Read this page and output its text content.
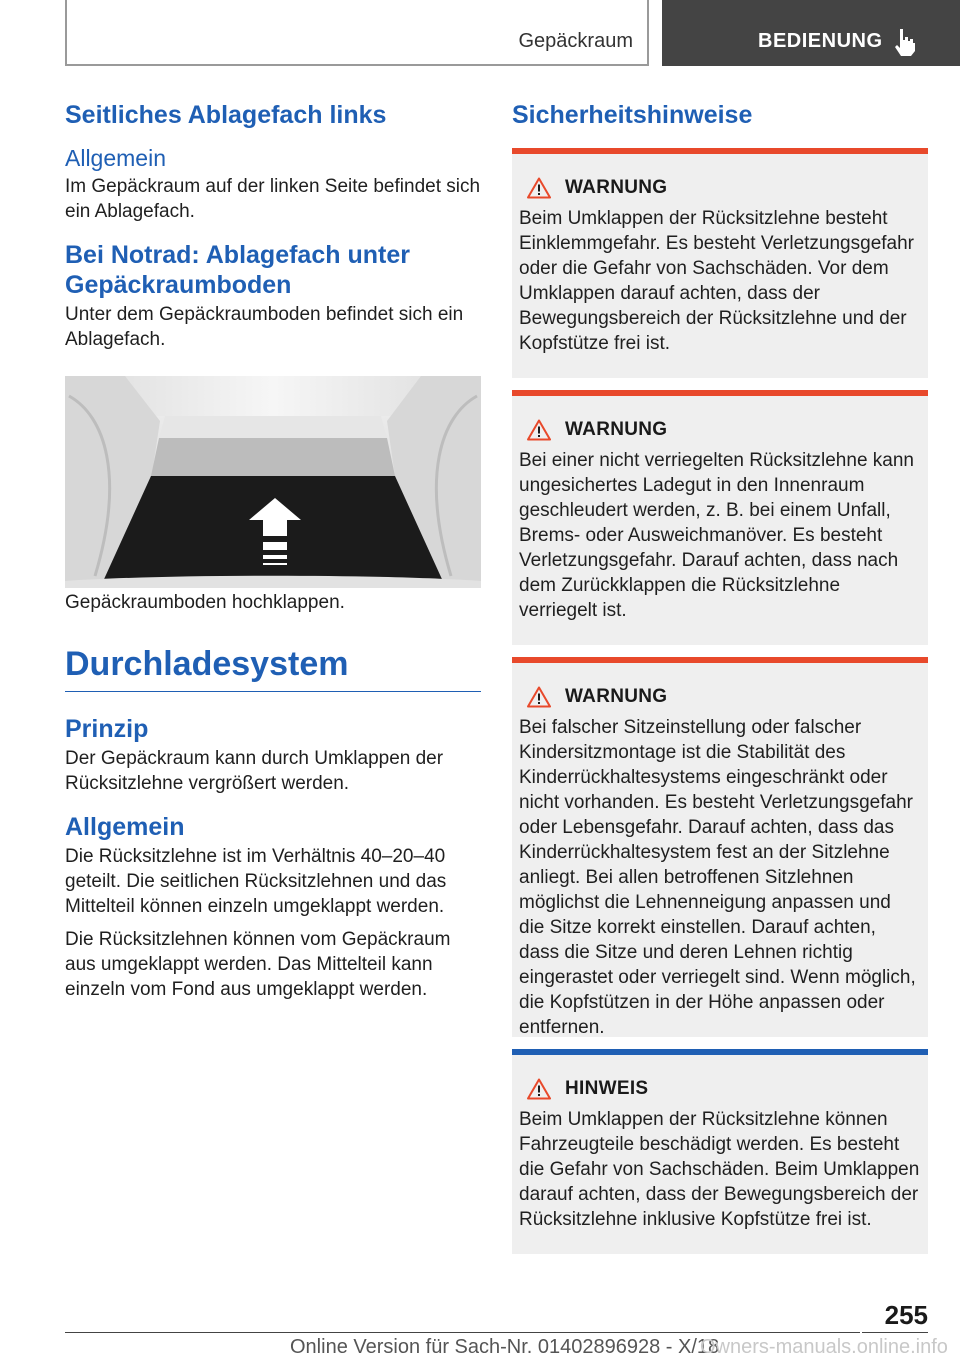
Gepäckraum	BEDIENUNG
Seitliches Ablagefach links
Allgemein

Im Gepäckraum auf der linken Seite befindet sich ein Ablagefach.

Bei Notrad: Ablagefach unter Gepäckraumboden

Unter dem Gepäckraumboden befindet sich ein Ablagefach.

Gepäckraumboden hochklappen.

Durchladesystem
Prinzip

Der Gepäckraum kann durch Umklappen der Rücksitzlehne vergrößert werden.

Allgemein

Die Rücksitzlehne ist im Verhältnis 40–20–40 geteilt. Die seitlichen Rücksitzlehnen und das Mittelteil können einzeln umgeklappt werden.

Die Rücksitzlehnen können vom Gepäckraum aus umgeklappt werden. Das Mittelteil kann einzeln vom Fond aus umgeklappt werden.

Sicherheitshinweise
WARNUNG

Beim Umklappen der Rücksitzlehne besteht Einklemmgefahr. Es besteht Verletzungsgefahr oder die Gefahr von Sachschäden. Vor dem Umklappen darauf achten, dass der Bewegungsbereich der Rücksitzlehne und der Kopfstütze frei ist.

WARNUNG

Bei einer nicht verriegelten Rücksitzlehne kann ungesichertes Ladegut in den Innenraum geschleudert werden, z. B. bei einem Unfall, Brems- oder Ausweichmanöver. Es besteht Verletzungsgefahr. Darauf achten, dass nach dem Zurückklappen die Rücksitzlehne verriegelt ist.

WARNUNG

Bei falscher Sitzeinstellung oder falscher Kindersitzmontage ist die Stabilität des Kinderrückhaltesystems eingeschränkt oder nicht vorhanden. Es besteht Verletzungsgefahr oder Lebensgefahr. Darauf achten, dass das Kinderrückhaltesystem fest an der Sitzlehne anliegt. Bei allen betroffenen Sitzlehnen möglichst die Lehnenneigung anpassen und die Sitze korrekt einstellen. Darauf achten, dass die Sitze und deren Lehnen richtig eingerastet oder verriegelt sind. Wenn möglich, die Kopfstützen in der Höhe anpassen oder entfernen.

HINWEIS

Beim Umklappen der Rücksitzlehne können Fahrzeugteile beschädigt werden. Es besteht die Gefahr von Sachschäden. Beim Umklappen darauf achten, dass der Bewegungsbereich der Rücksitzlehne inklusive Kopfstütze frei ist.

255
Online Version für Sach-Nr. 01402896928 - X/18
Owners-manuals.online.info
